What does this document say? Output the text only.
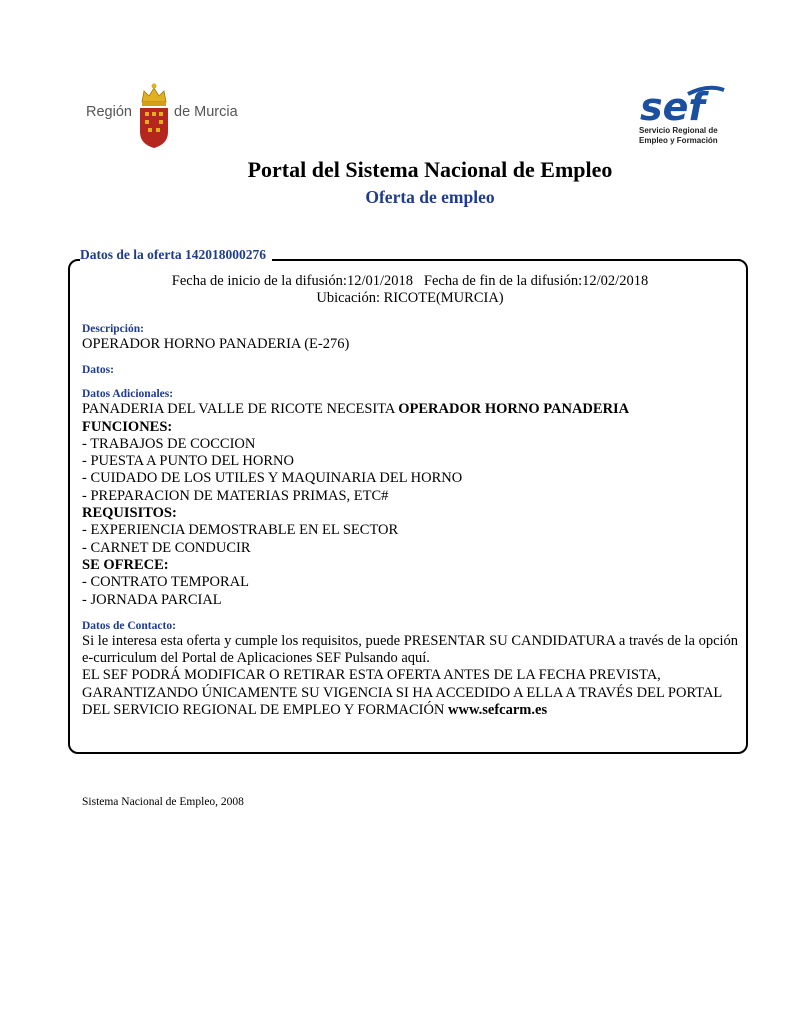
Región	de Murcia	sef
Servicio Regional de
Empleo y Formación
Portal del Sistema Nacional de Empleo
Oferta de empleo
Datos de la oferta 142018000276
Fecha de inicio de la difusión:12/01/2018   Fecha de fin de la difusión:12/02/2018
Ubicación: RICOTE(MURCIA)
Descripción:
OPERADOR HORNO PANADERIA (E-276)
Datos:
Datos Adicionales:
PANADERIA DEL VALLE DE RICOTE NECESITA OPERADOR HORNO PANADERIA
FUNCIONES:
- TRABAJOS DE COCCION
- PUESTA A PUNTO DEL HORNO
- CUIDADO DE LOS UTILES Y MAQUINARIA DEL HORNO
- PREPARACION DE MATERIAS PRIMAS, ETC#
REQUISITOS:
- EXPERIENCIA DEMOSTRABLE EN EL SECTOR
- CARNET DE CONDUCIR
SE OFRECE:
- CONTRATO TEMPORAL
- JORNADA PARCIAL
Datos de Contacto:
Si le interesa esta oferta y cumple los requisitos, puede PRESENTAR SU CANDIDATURA a través de la opción e-curriculum del Portal de Aplicaciones SEF Pulsando aquí.
EL SEF PODRÁ MODIFICAR O RETIRAR ESTA OFERTA ANTES DE LA FECHA PREVISTA, GARANTIZANDO ÚNICAMENTE SU VIGENCIA SI HA ACCEDIDO A ELLA A TRAVÉS DEL PORTAL DEL SERVICIO REGIONAL DE EMPLEO Y FORMACIÓN www.sefcarm.es
Sistema Nacional de Empleo, 2008
